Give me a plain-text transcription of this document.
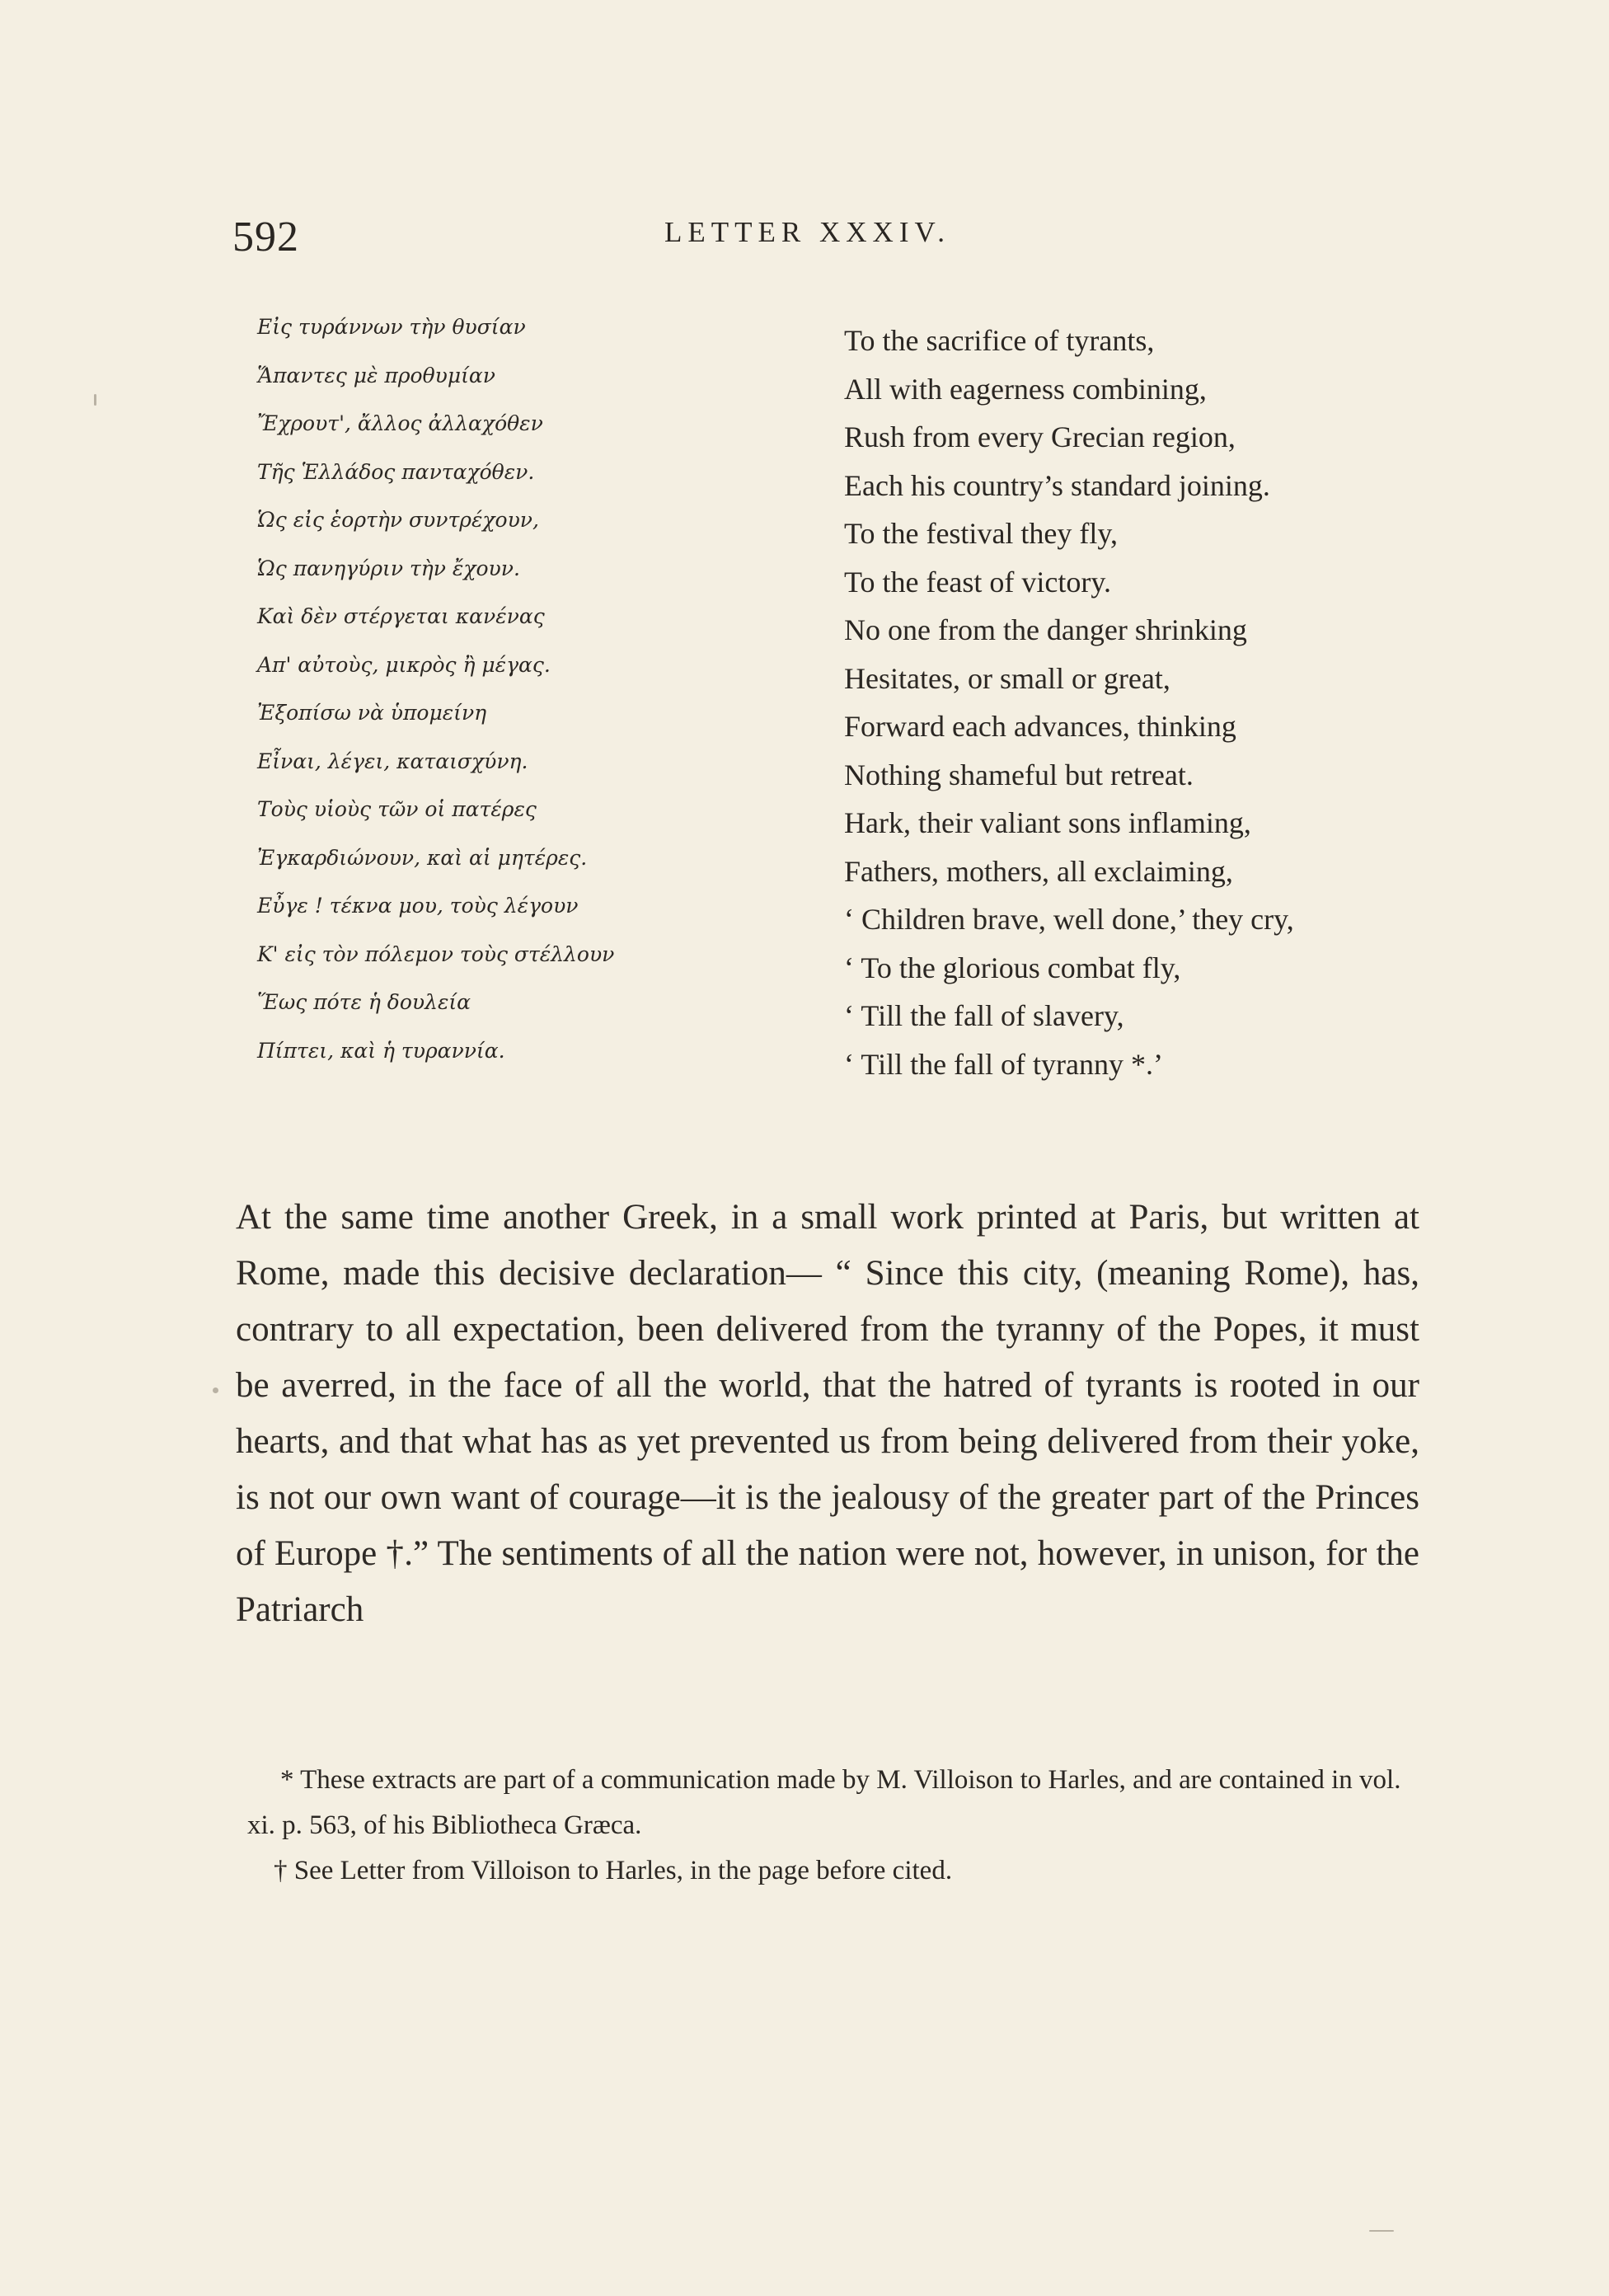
592	LETTER XXXIV.
Εἰς τυράννων τὴν θυσίαν
Ἅπαντες μὲ προθυμίαν
Ἔχρουτ', ἄλλος ἀλλαχόθεν
Τῆς Ἑλλάδος πανταχόθεν.
Ὡς εἰς ἑορτὴν συντρέχουν,
Ὡς πανηγύριν τὴν ἔχουν.
Καὶ δὲν στέργεται κανένας
Απ' αὐτοὺς, μικρὸς ἢ μέγας.
Ἐξοπίσω νὰ ὑπομείνη
Εἶναι, λέγει, καταισχύνη.
Τοὺς υἱοὺς τῶν οἱ πατέρες
Ἐγκαρδιώνουν, καὶ αἱ μητέρες.
Εὖγε ! τέκνα μου, τοὺς λέγουν
Κ' εἰς τὸν πόλεμον τοὺς στέλλουν
Ἕως πότε ἡ δουλεία
Πίπτει, καὶ ἡ τυραννία.
To the sacrifice of tyrants,
All with eagerness combining,
Rush from every Grecian region,
Each his country’s standard joining.
To the festival they fly,
To the feast of victory.
No one from the danger shrinking
Hesitates, or small or great,
Forward each advances, thinking
Nothing shameful but retreat.
Hark, their valiant sons inflaming,
Fathers, mothers, all exclaiming,
‘ Children brave, well done,’ they cry,
‘ To the glorious combat fly,
‘ Till the fall of slavery,
‘ Till the fall of tyranny *.’

At the same time another Greek, in a small work printed at Paris, but written at Rome, made this decisive declaration— “ Since this city, (meaning Rome), has, contrary to all expectation, been delivered from the tyranny of the Popes, it must be averred, in the face of all the world, that the hatred of tyrants is rooted in our hearts, and that what has as yet prevented us from being delivered from their yoke, is not our own want of courage—it is the jealousy of the greater part of the Princes of Europe †.” The sentiments of all the nation were not, however, in unison, for the Patriarch

* These extracts are part of a communication made by M. Villoison to Harles, and are contained in vol. xi. p. 563, of his Bibliotheca Græca.

† See Letter from Villoison to Harles, in the page before cited.
